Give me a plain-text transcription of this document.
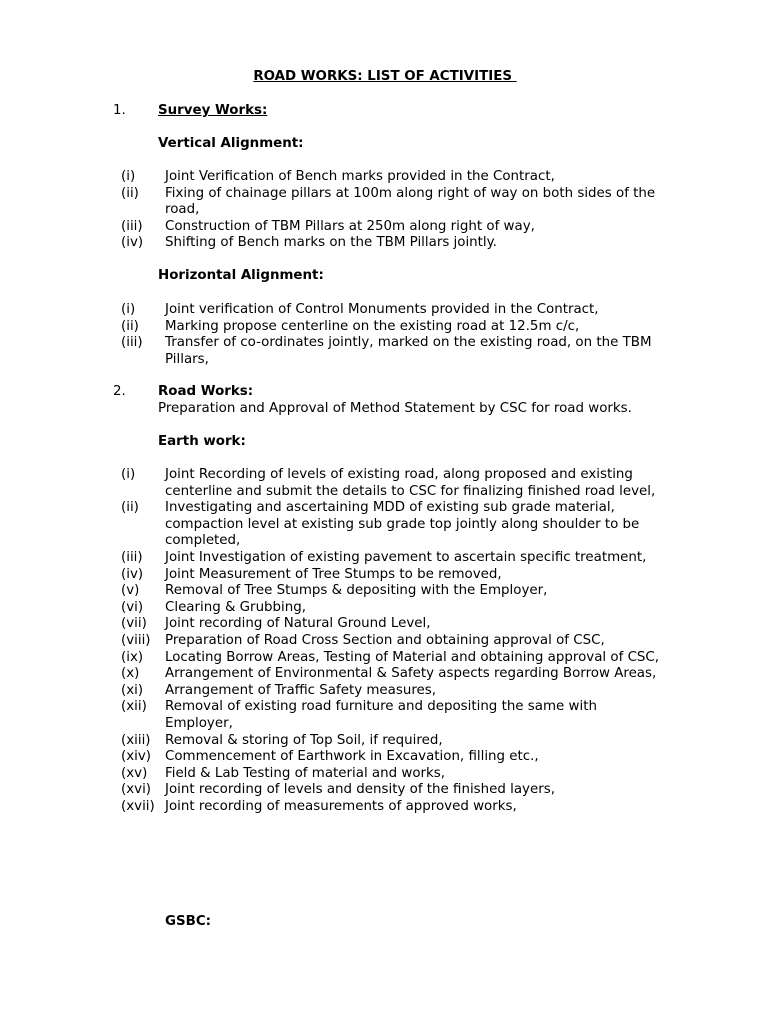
ROAD WORKS: LIST OF ACTIVITIES
1. Survey Works:
Vertical Alignment:
(i)	Joint Verification of Bench marks provided in the Contract,
(ii)	Fixing of chainage pillars at 100m along right of way on both sides of the road,
(iii)	Construction of TBM Pillars at 250m along right of way,
(iv)	Shifting of Bench marks on the TBM Pillars jointly.
Horizontal Alignment:
(i)	Joint verification of Control Monuments provided in the Contract,
(ii)	Marking propose centerline on the existing road at 12.5m c/c,
(iii)	Transfer of co-ordinates jointly, marked on the existing road, on the TBM Pillars,
2. Road Works:
Preparation and Approval of Method Statement by CSC for road works.
Earth work:
(i)	Joint Recording of levels of existing road, along proposed and existing centerline and submit the details to CSC for finalizing finished road level,
(ii)	Investigating and ascertaining MDD of existing sub grade material, compaction level at existing sub grade top jointly along shoulder to be completed,
(iii)	Joint Investigation of existing pavement to ascertain specific treatment,
(iv)	Joint Measurement of Tree Stumps to be removed,
(v)	Removal of Tree Stumps & depositing with the Employer,
(vi)	Clearing & Grubbing,
(vii)	Joint recording of Natural Ground Level,
(viii)	Preparation of Road Cross Section and obtaining approval of CSC,
(ix)	Locating Borrow Areas, Testing of Material and obtaining approval of CSC,
(x)	Arrangement of Environmental & Safety aspects regarding Borrow Areas,
(xi)	Arrangement of Traffic Safety measures,
(xii)	Removal of existing road furniture and depositing the same with Employer,
(xiii)	Removal & storing of Top Soil, if required,
(xiv)	Commencement of Earthwork in Excavation, filling etc.,
(xv)	Field & Lab Testing of material and works,
(xvi)	Joint recording of levels and density of the finished layers,
(xvii) Joint recording of measurements of approved works,
GSBC:
